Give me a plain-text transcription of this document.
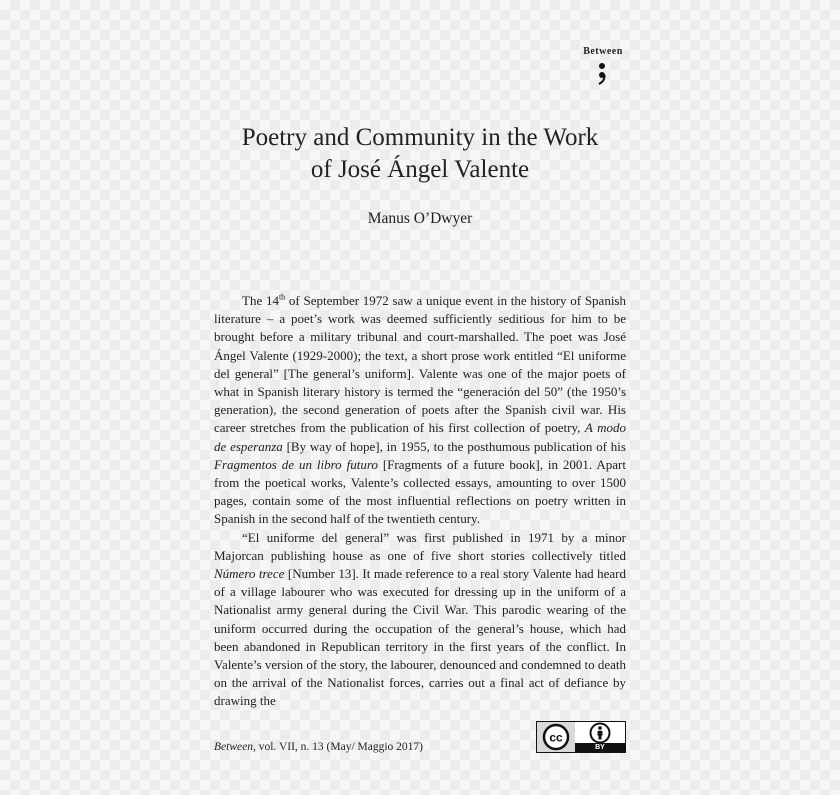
Between
Poetry and Community in the Work
of José Ángel Valente
Manus O’Dwyer

The 14th of September 1972 saw a unique event in the history of Spanish literature – a poet’s work was deemed sufficiently seditious for him to be brought before a military tribunal and court-marshalled. The poet was José Ángel Valente (1929-2000); the text, a short prose work entitled “El uniforme del general” [The general’s uniform]. Valente was one of the major poets of what in Spanish literary history is termed the “generación del 50” (the 1950’s generation), the second generation of poets after the Spanish civil war. His career stretches from the publication of his first collection of poetry, A modo de esperanza [By way of hope], in 1955, to the posthumous publication of his Fragmentos de un libro futuro [Fragments of a future book], in 2001. Apart from the poetical works, Valente’s collected essays, amounting to over 1500 pages, contain some of the most influential reflections on poetry written in Spanish in the second half of the twentieth century.

“El uniforme del general” was first published in 1971 by a minor Majorcan publishing house as one of five short stories collectively titled Número trece [Number 13]. It made reference to a real story Valente had heard of a village labourer who was executed for dressing up in the uniform of a Nationalist army general during the Civil War. This parodic wearing of the uniform occurred during the occupation of the general’s house, which had been abandoned in Republican territory in the first years of the conflict. In Valente’s version of the story, the labourer, denounced and condemned to death on the arrival of the Nationalist forces, carries out a final act of defiance by drawing the

Between, vol. VII, n. 13 (May/ Maggio 2017)
cc
BY
